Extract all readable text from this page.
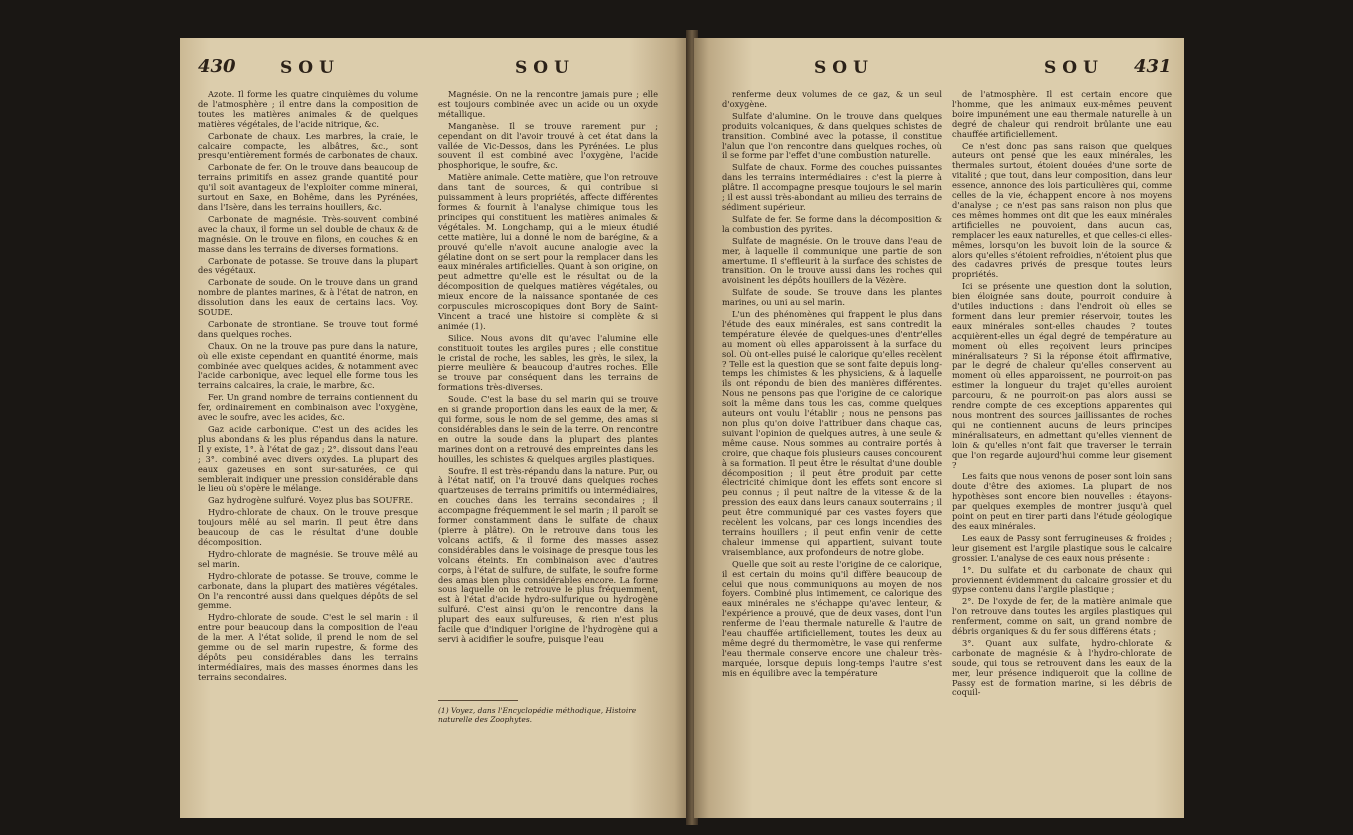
430	SOU	SOU

Azote. Il forme les quatre cinquièmes du volume de l'atmosphère ; il entre dans la composition de toutes les matières animales & de quelques matières végétales, de l'acide nitrique, &c.

Carbonate de chaux. Les marbres, la craie, le calcaire compacte, les albâtres, &c., sont presqu'entièrement formés de carbonates de chaux.

Carbonate de fer. On le trouve dans beaucoup de terrains primitifs en assez grande quantité pour qu'il soit avantageux de l'exploiter comme minerai, surtout en Saxe, en Bohême, dans les Pyrénées, dans l'Isère, dans les terrains houillers, &c.

Carbonate de magnésie. Très-souvent combiné avec la chaux, il forme un sel double de chaux & de magnésie. On le trouve en filons, en couches & en masse dans les terrains de diverses formations.

Carbonate de potasse. Se trouve dans la plupart des végétaux.

Carbonate de soude. On le trouve dans un grand nombre de plantes marines, & à l'état de natron, en dissolution dans les eaux de certains lacs. Voy. SOUDE.

Carbonate de strontiane. Se trouve tout formé dans quelques roches.

Chaux. On ne la trouve pas pure dans la nature, où elle existe cependant en quantité énorme, mais combinée avec quelques acides, & notamment avec l'acide carbonique, avec lequel elle forme tous les terrains calcaires, la craie, le marbre, &c.

Fer. Un grand nombre de terrains contiennent du fer, ordinairement en combinaison avec l'oxygène, avec le soufre, avec les acides, &c.

Gaz acide carbonique. C'est un des acides les plus abondans & les plus répandus dans la nature. Il y existe, 1°. à l'état de gaz ; 2°. dissout dans l'eau ; 3°. combiné avec divers oxydes. La plupart des eaux gazeuses en sont sur-saturées, ce qui semblerait indiquer une pression considérable dans le lieu où s'opère le mélange.

Gaz hydrogène sulfuré. Voyez plus bas SOUFRE.

Hydro-chlorate de chaux. On le trouve presque toujours mêlé au sel marin. Il peut être dans beaucoup de cas le résultat d'une double décomposition.

Hydro-chlorate de magnésie. Se trouve mêlé au sel marin.

Hydro-chlorate de potasse. Se trouve, comme le carbonate, dans la plupart des matières végétales. On l'a rencontré aussi dans quelques dépôts de sel gemme.

Hydro-chlorate de soude. C'est le sel marin : il entre pour beaucoup dans la composition de l'eau de la mer. A l'état solide, il prend le nom de sel gemme ou de sel marin rupestre, & forme des dépôts peu considérables dans les terrains intermédiaires, mais des masses énormes dans les terrains secondaires.

Magnésie. On ne la rencontre jamais pure ; elle est toujours combinée avec un acide ou un oxyde métallique.

Manganèse. Il se trouve rarement pur ; cependant on dit l'avoir trouvé à cet état dans la vallée de Vic-Dessos, dans les Pyrénées. Le plus souvent il est combiné avec l'oxygène, l'acide phosphorique, le soufre, &c.

Matière animale. Cette matière, que l'on retrouve dans tant de sources, & qui contribue si puissamment à leurs propriétés, affecte différentes formes & fournit à l'analyse chimique tous les principes qui constituent les matières animales & végétales. M. Longchamp, qui a le mieux étudié cette matière, lui a donné le nom de barégine, & a prouvé qu'elle n'avoit aucune analogie avec la gélatine dont on se sert pour la remplacer dans les eaux minérales artificielles. Quant à son origine, on peut admettre qu'elle est le résultat ou de la décomposition de quelques matières végétales, ou mieux encore de la naissance spontanée de ces corpuscules microscopiques dont Bory de Saint-Vincent a tracé une histoire si complète & si animée (1).

Silice. Nous avons dit qu'avec l'alumine elle constituoit toutes les argiles pures ; elle constitue le cristal de roche, les sables, les grès, le silex, la pierre meulière & beaucoup d'autres roches. Elle se trouve par conséquent dans les terrains de formations très-diverses.

Soude. C'est la base du sel marin qui se trouve en si grande proportion dans les eaux de la mer, & qui forme, sous le nom de sel gemme, des amas si considérables dans le sein de la terre. On rencontre en outre la soude dans la plupart des plantes marines dont on a retrouvé des empreintes dans les houilles, les schistes & quelques argiles plastiques.

Soufre. Il est très-répandu dans la nature. Pur, ou à l'état natif, on l'a trouvé dans quelques roches quartzeuses de terrains primitifs ou intermédiaires, en couches dans les terrains secondaires ; il accompagne fréquemment le sel marin ; il paroît se former constamment dans le sulfate de chaux (pierre à plâtre). On le retrouve dans tous les volcans actifs, & il forme des masses assez considérables dans le voisinage de presque tous les volcans éteints. En combinaison avec d'autres corps, à l'état de sulfure, de sulfate, le soufre forme des amas bien plus considérables encore. La forme sous laquelle on le retrouve le plus fréquemment, est à l'état d'acide hydro-sulfurique ou hydrogène sulfuré. C'est ainsi qu'on le rencontre dans la plupart des eaux sulfureuses, & rien n'est plus facile que d'indiquer l'origine de l'hydrogène qui a servi à acidifier le soufre, puisque l'eau

(1) Voyez, dans l'Encyclopédie méthodique, Histoire naturelle des Zoophytes.
SOU	SOU 431

renferme deux volumes de ce gaz, & un seul d'oxygène.

Sulfate d'alumine. On le trouve dans quelques produits volcaniques, & dans quelques schistes de transition. Combiné avec la potasse, il constitue l'alun que l'on rencontre dans quelques roches, où il se forme par l'effet d'une combustion naturelle.

Sulfate de chaux. Forme des couches puissantes dans les terrains intermédiaires : c'est la pierre à plâtre. Il accompagne presque toujours le sel marin ; il est aussi très-abondant au milieu des terrains de sédiment supérieur.

Sulfate de fer. Se forme dans la décomposition & la combustion des pyrites.

Sulfate de magnésie. On le trouve dans l'eau de mer, à laquelle il communique une partie de son amertume. Il s'effleurit à la surface des schistes de transition. On le trouve aussi dans les roches qui avoisinent les dépôts houillers de la Vézère.

Sulfate de soude. Se trouve dans les plantes marines, ou uni au sel marin.

L'un des phénomènes qui frappent le plus dans l'étude des eaux minérales, est sans contredit la température élevée de quelques-unes d'entr'elles au moment où elles apparoissent à la surface du sol. Où ont-elles puisé le calorique qu'elles recèlent ? Telle est la question que se sont faite depuis long-temps les chimistes & les physiciens, & à laquelle ils ont répondu de bien des manières différentes. Nous ne pensons pas que l'origine de ce calorique soit la même dans tous les cas, comme quelques auteurs ont voulu l'établir ; nous ne pensons pas non plus qu'on doive l'attribuer dans chaque cas, suivant l'opinion de quelques autres, à une seule & même cause. Nous sommes au contraire portés à croire, que chaque fois plusieurs causes concourent à sa formation. Il peut être le résultat d'une double décomposition ; il peut être produit par cette électricité chimique dont les effets sont encore si peu connus ; il peut naître de la vitesse & de la pression des eaux dans leurs canaux souterrains ; il peut être communiqué par ces vastes foyers que recèlent les volcans, par ces longs incendies des terrains houillers ; il peut enfin venir de cette chaleur immense qui appartient, suivant toute vraisemblance, aux profondeurs de notre globe.

Quelle que soit au reste l'origine de ce calorique, il est certain du moins qu'il diffère beaucoup de celui que nous communiquons au moyen de nos foyers. Combiné plus intimement, ce calorique des eaux minérales ne s'échappe qu'avec lenteur, & l'expérience a prouvé, que de deux vases, dont l'un renferme de l'eau thermale naturelle & l'autre de l'eau chauffée artificiellement, toutes les deux au même degré du thermomètre, le vase qui renferme l'eau thermale conserve encore une chaleur très-marquée, lorsque depuis long-temps l'autre s'est mis en équilibre avec la température

de l'atmosphère. Il est certain encore que l'homme, que les animaux eux-mêmes peuvent boire impunément une eau thermale naturelle à un degré de chaleur qui rendroit brûlante une eau chauffée artificiellement.

Ce n'est donc pas sans raison que quelques auteurs ont pensé que les eaux minérales, les thermales surtout, étoient douées d'une sorte de vitalité ; que tout, dans leur composition, dans leur essence, annonce des lois particulières qui, comme celles de la vie, échappent encore à nos moyens d'analyse ; ce n'est pas sans raison non plus que ces mêmes hommes ont dit que les eaux minérales artificielles ne pouvoient, dans aucun cas, remplacer les eaux naturelles, et que celles-ci elles-mêmes, lorsqu'on les buvoit loin de la source & alors qu'elles s'étoient refroidies, n'étoient plus que des cadavres privés de presque toutes leurs propriétés.

Ici se présente une question dont la solution, bien éloignée sans doute, pourroit conduire à d'utiles inductions : dans l'endroit où elles se forment dans leur premier réservoir, toutes les eaux minérales sont-elles chaudes ? toutes acquièrent-elles un égal degré de température au moment où elles reçoivent leurs principes minéralisateurs ? Si la réponse étoit affirmative, par le degré de chaleur qu'elles conservent au moment où elles apparoissent, ne pourroit-on pas estimer la longueur du trajet qu'elles auroient parcouru, & ne pourroit-on pas alors aussi se rendre compte de ces exceptions apparentes qui nous montrent des sources jaillissantes de roches qui ne contiennent aucuns de leurs principes minéralisateurs, en admettant qu'elles viennent de loin & qu'elles n'ont fait que traverser le terrain que l'on regarde aujourd'hui comme leur gisement ?

Les faits que nous venons de poser sont loin sans doute d'être des axiomes. La plupart de nos hypothèses sont encore bien nouvelles : étayons-par quelques exemples de montrer jusqu'à quel point on peut en tirer parti dans l'étude géologique des eaux minérales.

Les eaux de Passy sont ferrugineuses & froides ; leur gisement est l'argile plastique sous le calcaire grossier. L'analyse de ces eaux nous présente :

1°. Du sulfate et du carbonate de chaux qui proviennent évidemment du calcaire grossier et du gypse contenu dans l'argile plastique ;

2°. De l'oxyde de fer, de la matière animale que l'on retrouve dans toutes les argiles plastiques qui renferment, comme on sait, un grand nombre de débris organiques & du fer sous différens états ;

3°. Quant aux sulfate, hydro-chlorate & carbonate de magnésie & à l'hydro-chlorate de soude, qui tous se retrouvent dans les eaux de la mer, leur présence indiqueroit que la colline de Passy est de formation marine, si les débris de coquil-
